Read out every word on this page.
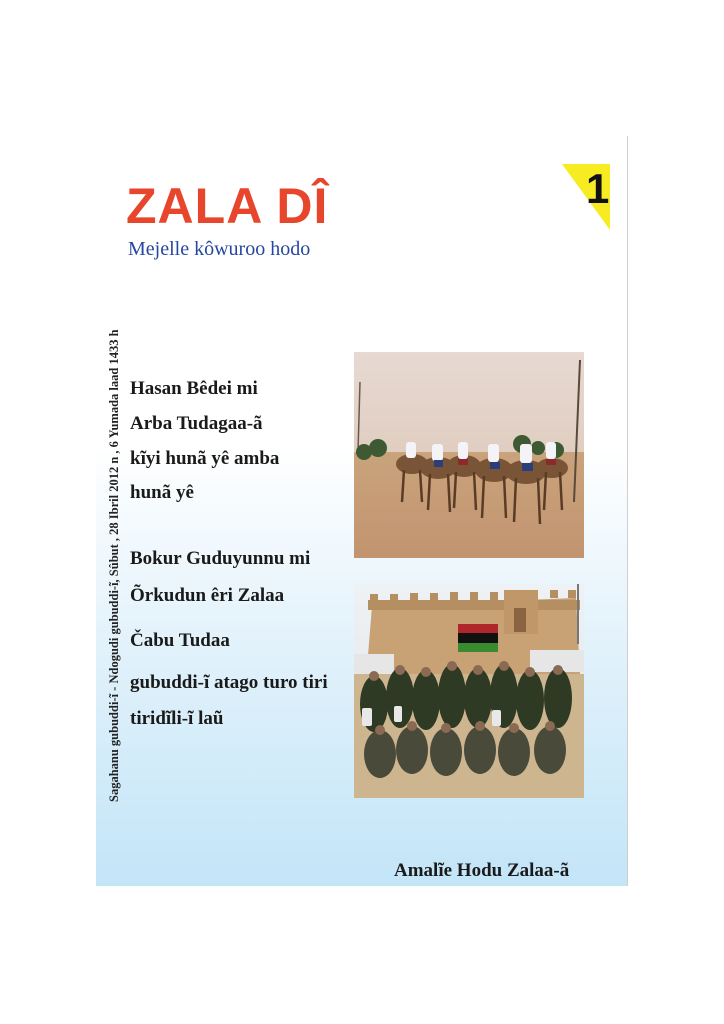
1
ZALA DÎ
Mejelle kôwuroo hodo
Sagahanu gubuddi-ĩ - Ndogudi gubuddi-ĩ, Sûbut , 28 Ibril 2012 n , 6 Yumada laad 1433 h Hasan Bêdei mi
Arba Tudagaa-ã
kĩyi hunã yê amba
hunã yê
Bokur Guduyunnu mi
Õrkudun êri Zalaa
Čabu Tudaa
gubuddi-ĩ atago turo tiri
tiridĩli-ĩ laũ
Amalĩe Hodu Zalaa-ã
